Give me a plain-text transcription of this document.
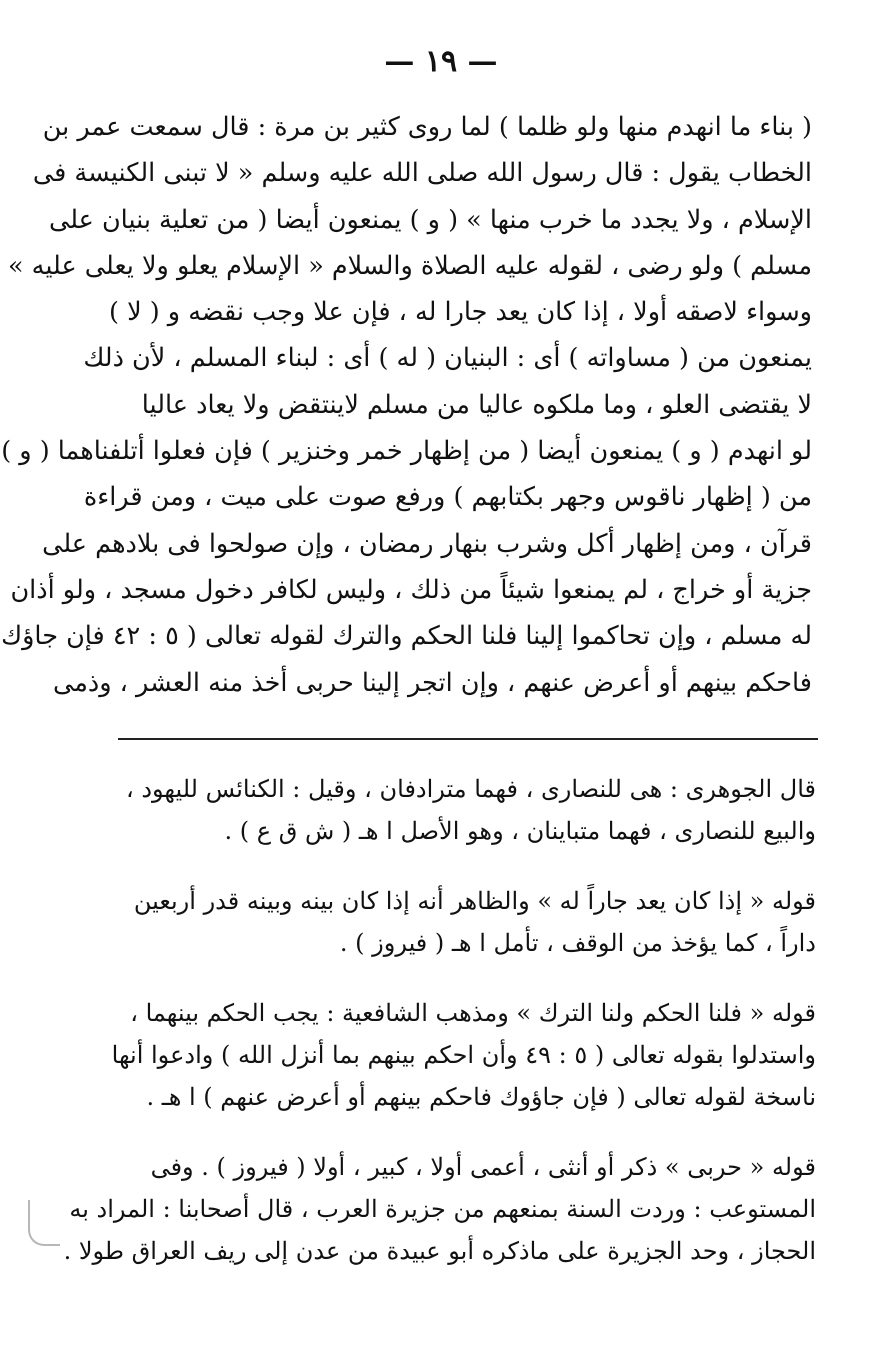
— ١٩ —
( بناء ما انهدم منها ولو ظلما ) لما روى كثير بن مرة : قال سمعت عمر بن
الخطاب يقول : قال رسول الله صلى الله عليه وسلم « لا تبنى الكنيسة فى
الإسلام ، ولا يجدد ما خرب منها » ( و ) يمنعون أيضا ( من تعلية بنيان على
مسلم ) ولو رضى ، لقوله عليه الصلاة والسلام « الإسلام يعلو ولا يعلى عليه »
وسواء لاصقه أولا ، إذا كان يعد جارا له ، فإن علا وجب نقضه و ( لا )
يمنعون من ( مساواته ) أى : البنيان ( له ) أى : لبناء المسلم ، لأن ذلك
لا يقتضى العلو ، وما ملكوه عاليا من مسلم لاينتقض ولا يعاد عاليا
لو انهدم ( و ) يمنعون أيضا ( من إظهار خمر وخنزير ) فإن فعلوا أتلفناهما ( و )
من ( إظهار ناقوس وجهر بكتابهم ) ورفع صوت على ميت ، ومن قراءة
قرآن ، ومن إظهار أكل وشرب بنهار رمضان ، وإن صولحوا فى بلادهم على
جزية أو خراج ، لم يمنعوا شيئاً من ذلك ، وليس لكافر دخول مسجد ، ولو أذان
له مسلم ، وإن تحاكموا إلينا فلنا الحكم والترك لقوله تعالى ( ٥ : ٤٢ فإن جاؤك
فاحكم بينهم أو أعرض عنهم ، وإن اتجر إلينا حربى أخذ منه العشر ، وذمى
قال الجوهرى : هى للنصارى ، فهما مترادفان ، وقيل : الكنائس لليهود ،
والبيع للنصارى ، فهما متباينان ، وهو الأصل ا هـ ( ش ق ع ) .
قوله « إذا كان يعد جاراً له » والظاهر أنه إذا كان بينه وبينه قدر أربعين
داراً ، كما يؤخذ من الوقف ، تأمل ا هـ ( فيروز ) .
قوله « فلنا الحكم ولنا الترك » ومذهب الشافعية : يجب الحكم بينهما ،
واستدلوا بقوله تعالى ( ٥ : ٤٩ وأن احكم بينهم بما أنزل الله ) وادعوا أنها
ناسخة لقوله تعالى ( فإن جاؤوك فاحكم بينهم أو أعرض عنهم ) ا هـ .
قوله « حربى » ذكر أو أنثى ، أعمى أولا ، كبير ، أولا ( فيروز ) . وفى
المستوعب : وردت السنة بمنعهم من جزيرة العرب ، قال أصحابنا : المراد به
الحجاز ، وحد الجزيرة على ماذكره أبو عبيدة من عدن إلى ريف العراق طولا .
